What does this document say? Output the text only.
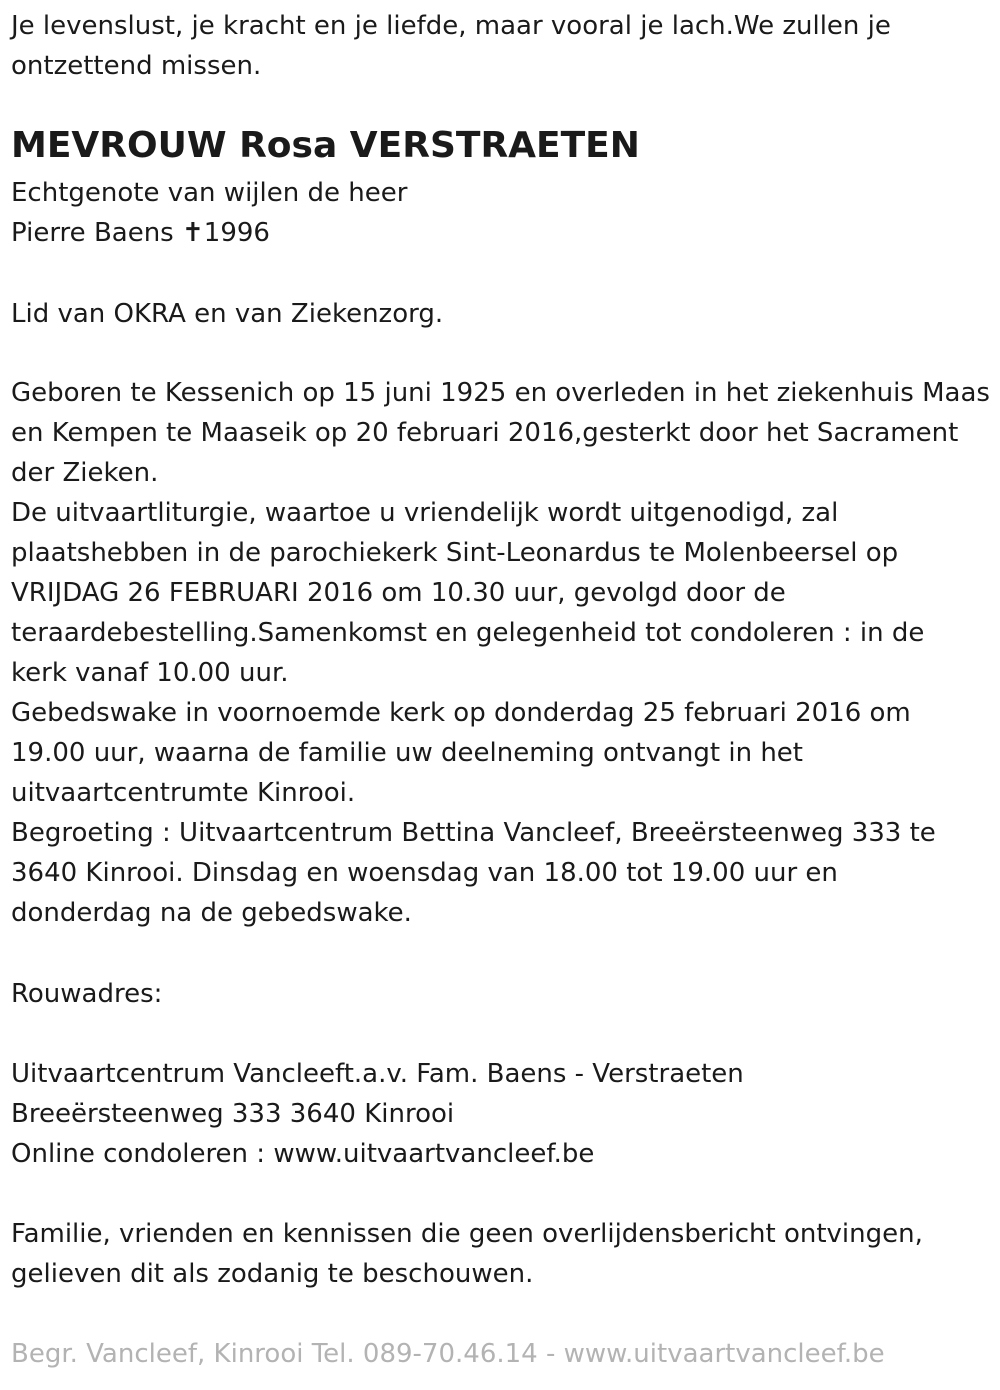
Je levenslust, je kracht en je liefde, maar vooral je lach.We zullen je

ontzettend missen.

MEVROUW Rosa VERSTRAETEN

Echtgenote van wijlen de heer

Pierre Baens ✝1996

Lid van OKRA en van Ziekenzorg.

Geboren te Kessenich op 15 juni 1925 en overleden in het ziekenhuis Maas

en Kempen te Maaseik op 20 februari 2016,gesterkt door het Sacrament

der Zieken.

De uitvaartliturgie, waartoe u vriendelijk wordt uitgenodigd, zal

plaatshebben in de parochiekerk Sint-Leonardus te Molenbeersel op

VRIJDAG 26 FEBRUARI 2016 om 10.30 uur, gevolgd door de

teraardebestelling.Samenkomst en gelegenheid tot condoleren : in de

kerk vanaf 10.00 uur.

Gebedswake in voornoemde kerk op donderdag 25 februari 2016 om

19.00 uur, waarna de familie uw deelneming ontvangt in het

uitvaartcentrumte Kinrooi.

Begroeting : Uitvaartcentrum Bettina Vancleef, Breeërsteenweg 333 te

3640 Kinrooi. Dinsdag en woensdag van 18.00 tot 19.00 uur en

donderdag na de gebedswake.

Rouwadres:

Uitvaartcentrum Vancleeft.a.v. Fam. Baens - Verstraeten

Breeërsteenweg 333 3640 Kinrooi

Online condoleren : www.uitvaartvancleef.be

Familie, vrienden en kennissen die geen overlijdensbericht ontvingen,

gelieven dit als zodanig te beschouwen.

Begr. Vancleef, Kinrooi Tel. 089-70.46.14 - www.uitvaartvancleef.be
